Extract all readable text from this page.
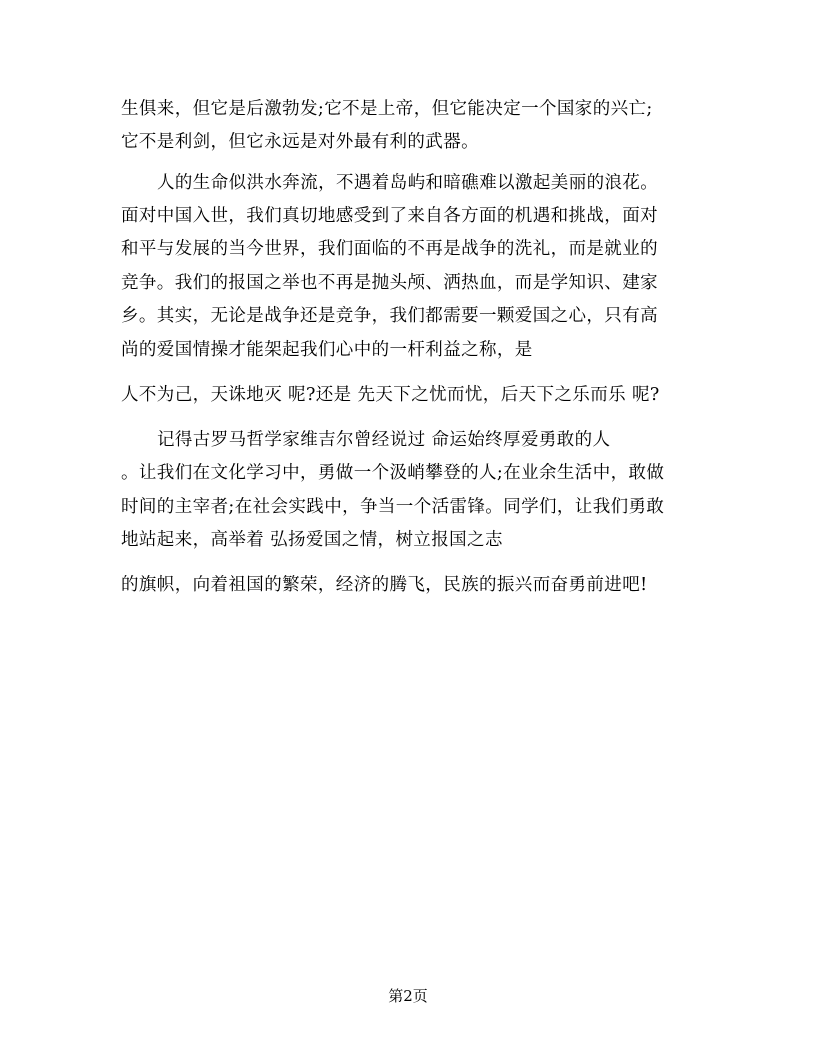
生俱来，但它是后激勃发;它不是上帝，但它能决定一个国家的兴亡;
它不是利剑，但它永远是对外最有利的武器。
人的生命似洪水奔流，不遇着岛屿和暗礁难以激起美丽的浪花。
面对中国入世，我们真切地感受到了来自各方面的机遇和挑战，面对
和平与发展的当今世界，我们面临的不再是战争的洗礼，而是就业的
竞争。我们的报国之举也不再是抛头颅、洒热血，而是学知识、建家
乡。其实，无论是战争还是竞争，我们都需要一颗爱国之心，只有高
尚的爱国情操才能架起我们心中的一杆利益之称，是
人不为己，天诛地灭 呢?还是 先天下之忧而忧，后天下之乐而乐 呢?
记得古罗马哲学家维吉尔曾经说过 命运始终厚爱勇敢的人
。让我们在文化学习中，勇做一个汲峭攀登的人;在业余生活中，敢做
时间的主宰者;在社会实践中，争当一个活雷锋。同学们，让我们勇敢
地站起来，高举着 弘扬爱国之情，树立报国之志
的旗帜，向着祖国的繁荣，经济的腾飞，民族的振兴而奋勇前进吧!
第2页
